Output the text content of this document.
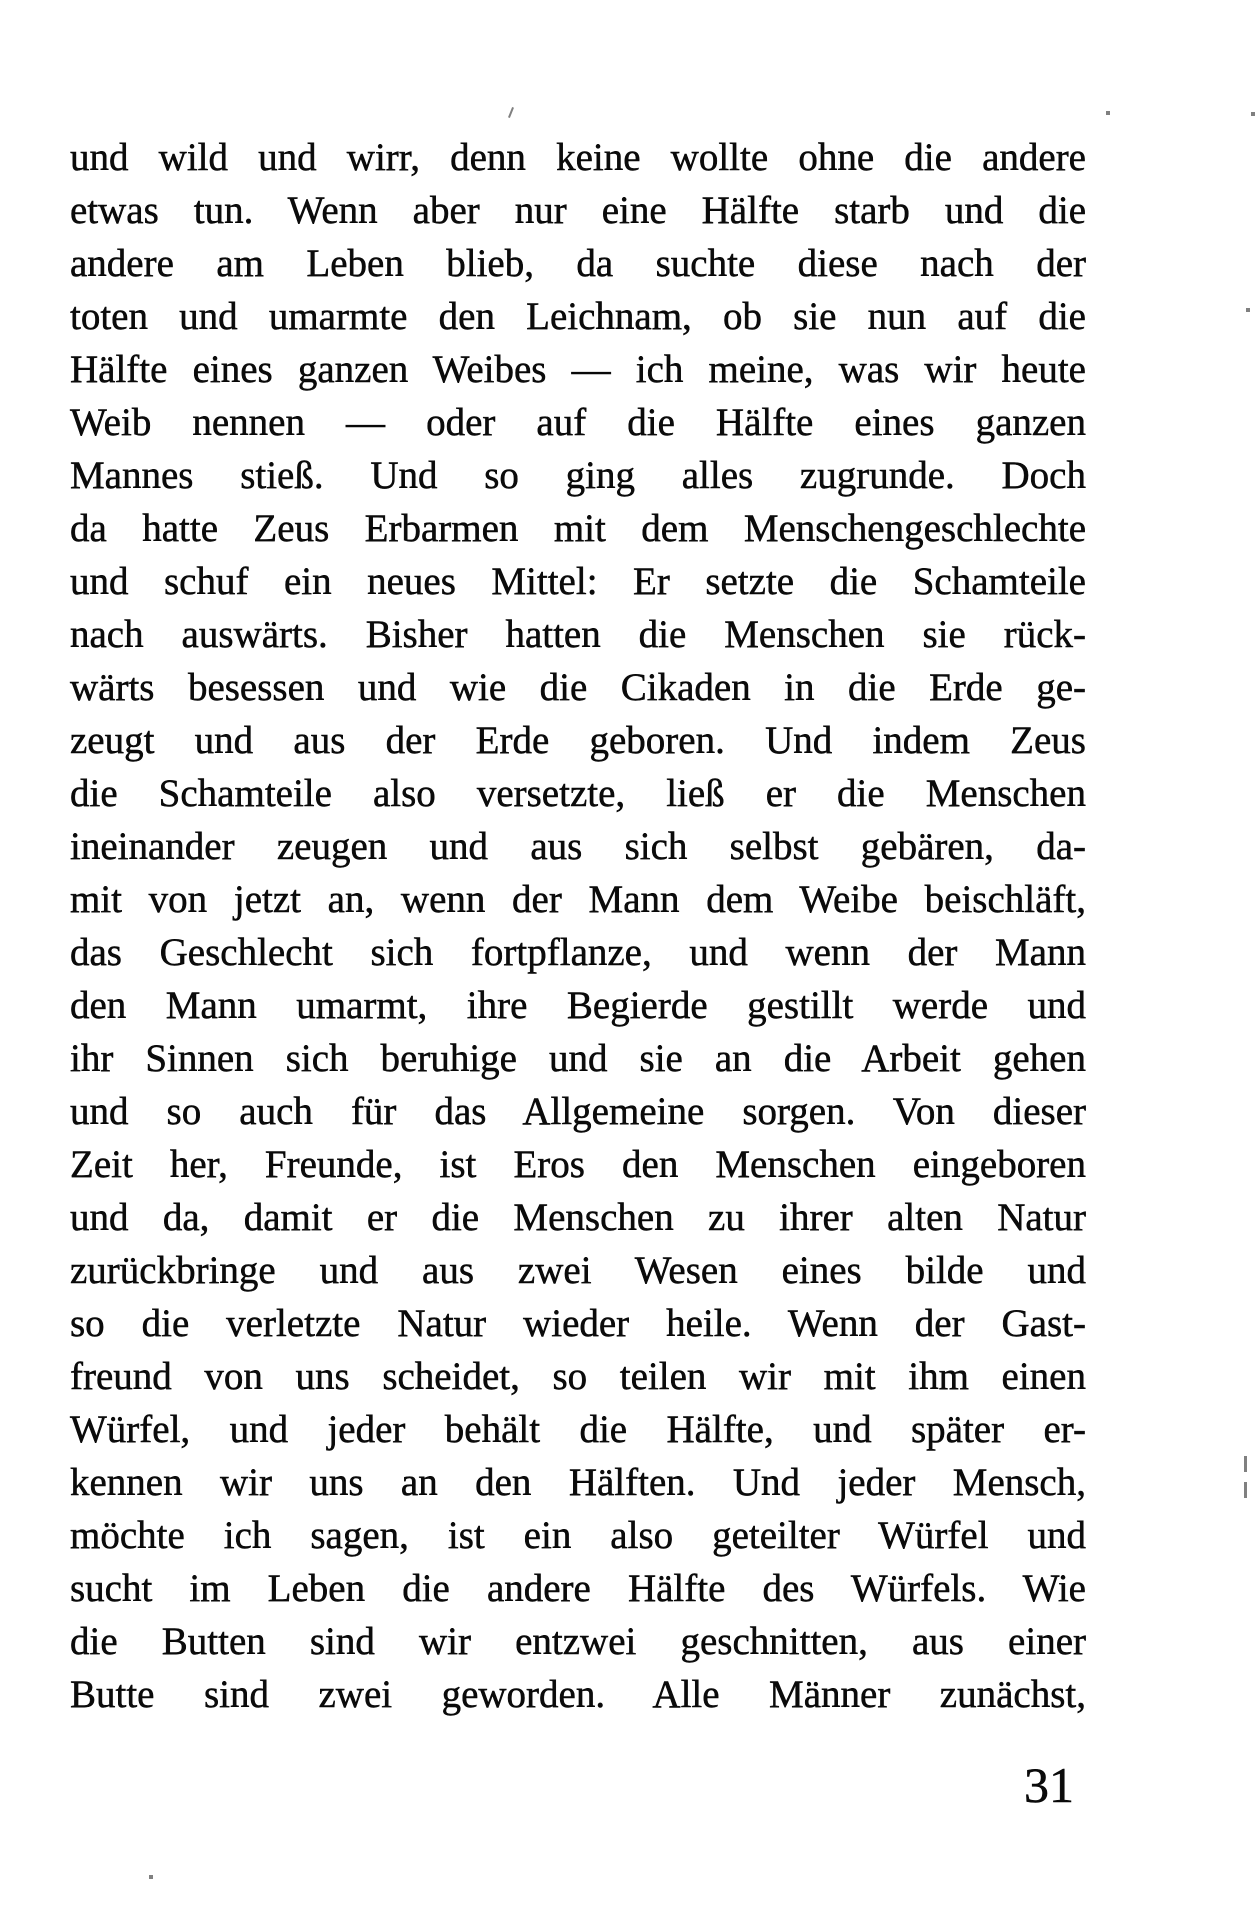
und wild und wirr, denn keine wollte ohne die andere
etwas tun. Wenn aber nur eine Hälfte starb und die
andere am Leben blieb, da suchte diese nach der
toten und umarmte den Leichnam, ob sie nun auf die
Hälfte eines ganzen Weibes — ich meine, was wir heute
Weib nennen — oder auf die Hälfte eines ganzen
Mannes stieß. Und so ging alles zugrunde. Doch
da hatte Zeus Erbarmen mit dem Menschengeschlechte
und schuf ein neues Mittel: Er setzte die Schamteile
nach auswärts. Bisher hatten die Menschen sie rück-
wärts besessen und wie die Cikaden in die Erde ge-
zeugt und aus der Erde geboren. Und indem Zeus
die Schamteile also versetzte, ließ er die Menschen
ineinander zeugen und aus sich selbst gebären, da-
mit von jetzt an, wenn der Mann dem Weibe beischläft,
das Geschlecht sich fortpflanze, und wenn der Mann
den Mann umarmt, ihre Begierde gestillt werde und
ihr Sinnen sich beruhige und sie an die Arbeit gehen
und so auch für das Allgemeine sorgen. Von dieser
Zeit her, Freunde, ist Eros den Menschen eingeboren
und da, damit er die Menschen zu ihrer alten Natur
zurückbringe und aus zwei Wesen eines bilde und
so die verletzte Natur wieder heile. Wenn der Gast-
freund von uns scheidet, so teilen wir mit ihm einen
Würfel, und jeder behält die Hälfte, und später er-
kennen wir uns an den Hälften. Und jeder Mensch,
möchte ich sagen, ist ein also geteilter Würfel und
sucht im Leben die andere Hälfte des Würfels. Wie
die Butten sind wir entzwei geschnitten, aus einer
Butte sind zwei geworden. Alle Männer zunächst,
31
